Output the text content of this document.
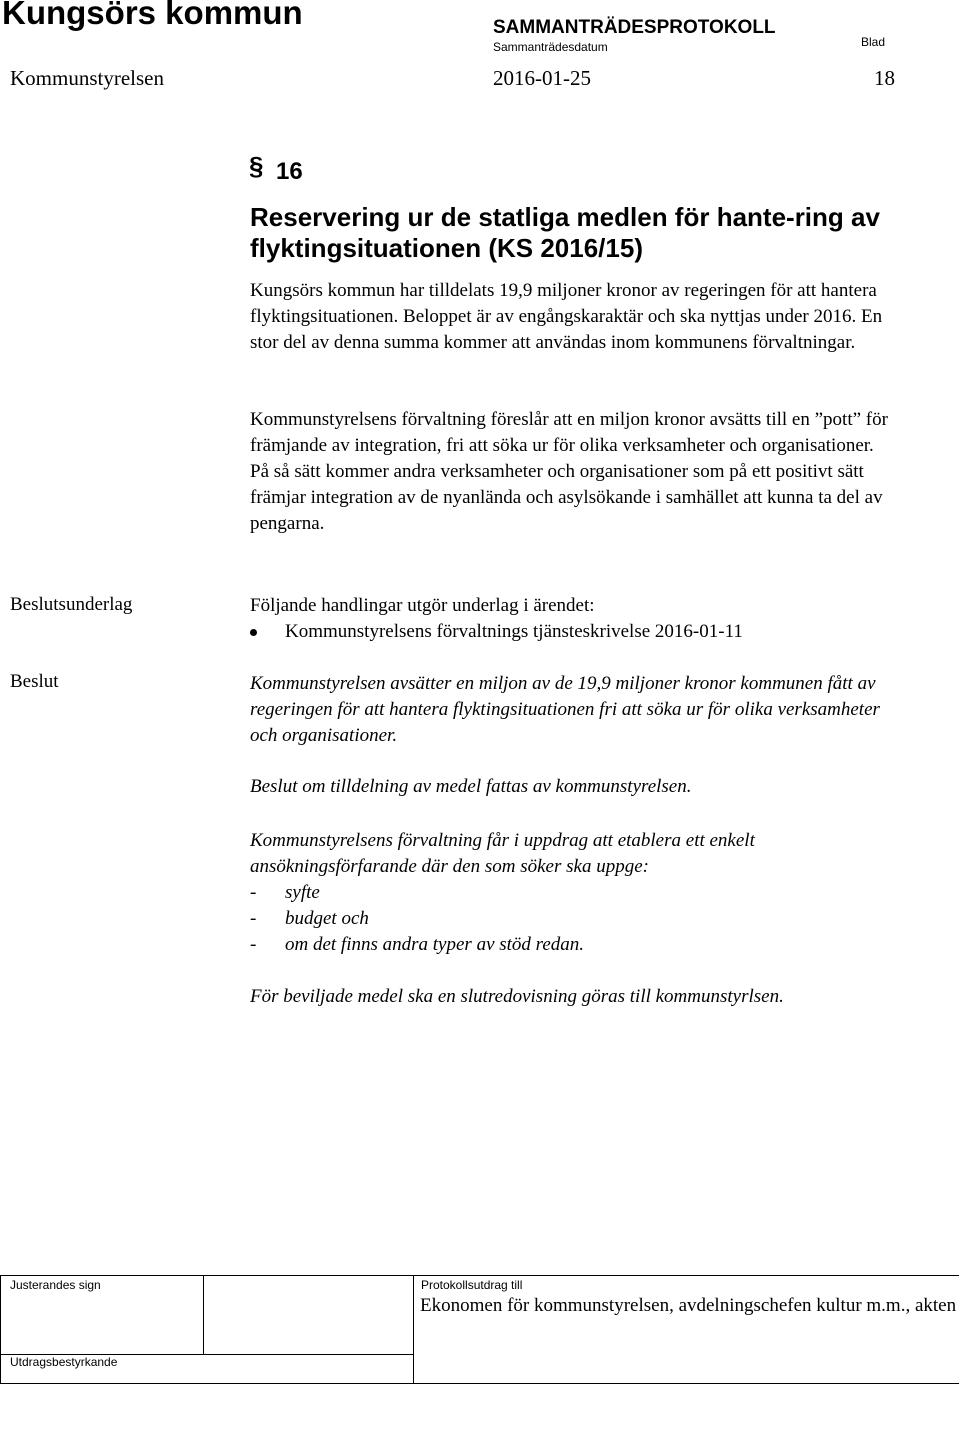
Kungsörs kommun	SAMMANTRÄDESPROTOKOLL
Sammanträdesdatum	Blad
Kommunstyrelsen	2016-01-25	18
§ 16
Reservering ur de statliga medlen för hante-ring av flyktingsituationen (KS 2016/15)
Kungsörs kommun har tilldelats 19,9 miljoner kronor av regeringen för att hantera flyktingsituationen. Beloppet är av engångskaraktär och ska nyttjas under 2016. En stor del av denna summa kommer att användas inom kommunens förvaltningar.
Kommunstyrelsens förvaltning föreslår att en miljon kronor avsätts till en ”pott” för främjande av integration, fri att söka ur för olika verksamheter och organisationer. På så sätt kommer andra verksamheter och organisationer som på ett positivt sätt främjar integration av de nyanlända och asylsökande i samhället att kunna ta del av pengarna.
Beslutsunderlag	Följande handlingar utgör underlag i ärendet:
Kommunstyrelsens förvaltnings tjänsteskrivelse 2016-01-11
Beslut	Kommunstyrelsen avsätter en miljon av de 19,9 miljoner kronor kommunen fått av regeringen för att hantera flyktingsituationen fri att söka ur för olika verksamheter och organisationer.
Beslut om tilldelning av medel fattas av kommunstyrelsen.
Kommunstyrelsens förvaltning får i uppdrag att etablera ett enkelt ansökningsförfarande där den som söker ska uppge:
- syfte
- budget och
- om det finns andra typer av stöd redan.
För beviljade medel ska en slutredovisning göras till kommunstyrlsen.
Justerandes sign	Protokollsutdrag till
Ekonomen för kommunstyrelsen, avdelningschefen kultur m.m., akten
Utdragsbestyrkande
